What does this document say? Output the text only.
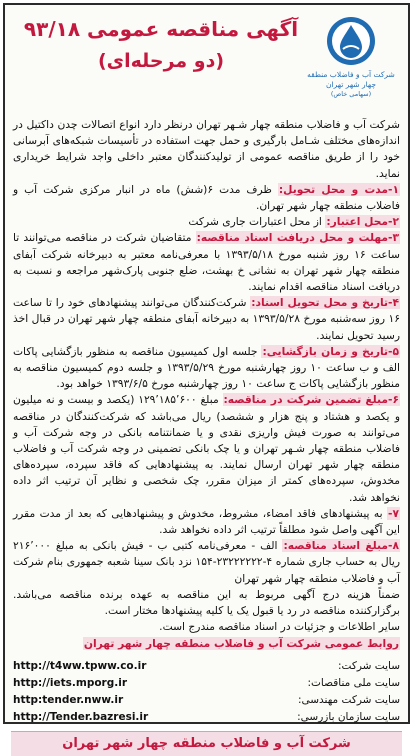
آگهی مناقصه عمومی ۹۳/۱۸
(دو مرحله‌ای)
شرکت آب و فاضلاب منطقه چهار شهر تهران
(سهامی خاص)

شرکت آب و فاضلاب منطقه چهار شـهر تهران درنظر دارد انواع اتصالات چدن داکتیل در اندازه‌های مختلف شـامل بارگیری و حمل جهت استفاده در تأسیسات شبکه‌های آبرسانی خود را از طریق مناقصه عمومی از تولیدکنندگان معتبر داخلی واجد شرایط خریداری نماید.

۱-مدت و محل تحویل: ظرف مدت ۶(شش) ماه در انبار مرکزی شرکت آب و فاضلاب منطقه چهار شهر تهران.

۲-محل اعتبار: از محل اعتبارات جاری شرکت

۳-مهلت و محل دریافت اسناد مناقصه: متقاضیان شرکت در مناقصه می‌توانند تا ساعت ۱۶ روز شنبه مورخ ۱۳۹۳/۵/۱۸ با معرفی‌نامه معتبر به دبیرخانه شرکت آبفای منطقه چهار شهر تهران به نشانی خ بهشت، ضلع جنوبی پارک‌شهر مراجعه و نسبت به دریافت اسناد مناقصه اقدام نمایند.

۴-تاریخ و محل تحویل اسناد: شرکت‌کنندگان می‌توانند پیشنهادهای خود را تا ساعت ۱۶ روز سه‌شنبه مورخ ۱۳۹۳/۵/۲۸ به دبیرخانه آبفای منطقه چهار شهر تهران در قبال اخذ رسید تحویل نمایند.

۵-تاریخ و زمان بازگشایی: جلسه اول کمیسیون مناقصه به منظور بازگشایی پاکات الف و ب ساعت ۱۰ روز چهارشنبه مورخ ۱۳۹۳/۵/۲۹ و جلسه دوم کمیسیون مناقصه به منظور بازگشایی پاکات ج ساعت ۱۰ روز چهارشنبه مورخ ۱۳۹۳/۶/۵ خواهد بود.

۶-مبلغ تضمین شرکت در مناقصه: مبلغ ۱۲۹٬۱۸۵٬۶۰۰ (یکصد و بیست و نه میلیون و یکصد و هشتاد و پنج هزار و ششصد) ریال می‌باشد که شرکت‌کنندگان در مناقصه می‌توانند به صورت فیش واریزی نقدی و یا ضمانتنامه بانکی در وجه شرکت آب و فاضلاب منطقه چهار شـهر تهران و یا چک بانکی تضمینی در وجه شرکت آب و فاضلاب منطقه چهار شهر تهران ارسال نمایند. به پیشنهادهایی که فاقد سپرده، سپرده‌های مخدوش، سپرده‌های کمتر از میزان مقرر، چک شخصی و نظایر آن ترتیب اثر داده نخواهد شد.

۷- به پیشنهادهای فاقد امضاء، مشروط، مخدوش و پیشنهادهایی که بعد از مدت مقرر این آگهی واصل شود مطلقاً ترتیب اثر داده نخواهد شد.

۸-مبلغ اسناد مناقصه: الف - معرفی‌نامه کتبی ب - فیش بانکی به مبلغ ۲۱۶٬۰۰۰ ریال به حساب جاری شماره ۴-۲۳۲۲۲۲۲۲-۱۵۴ نزد بانک سینا شعبه جمهوری بنام شرکت آب و فاضلاب منطقه چهار شهر تهران

ضمناً هزینه درج آگهی مربوط به این مناقصه به عهده برنده مناقصه می‌باشد. برگزارکننده مناقصه در رد یا قبول یک یا کلیه پیشنهادها مختار است.

سایر اطلاعات و جزئیات در اسناد مناقصه مندرج است.

روابط عمومی شرکت آب و فاضلاب منطقه چهار شهر تهران

سایت شرکت:
http://t4ww.tpww.co.ir
سایت ملی مناقصات:
http://iets.mporg.ir
سایت شرکت مهندسی:
http:tender.nww.ir
سایت سازمان بازرسی:
http://Tender.bazresi.ir
شرکت آب و فاضلاب منطقه چهار شهر تهران
